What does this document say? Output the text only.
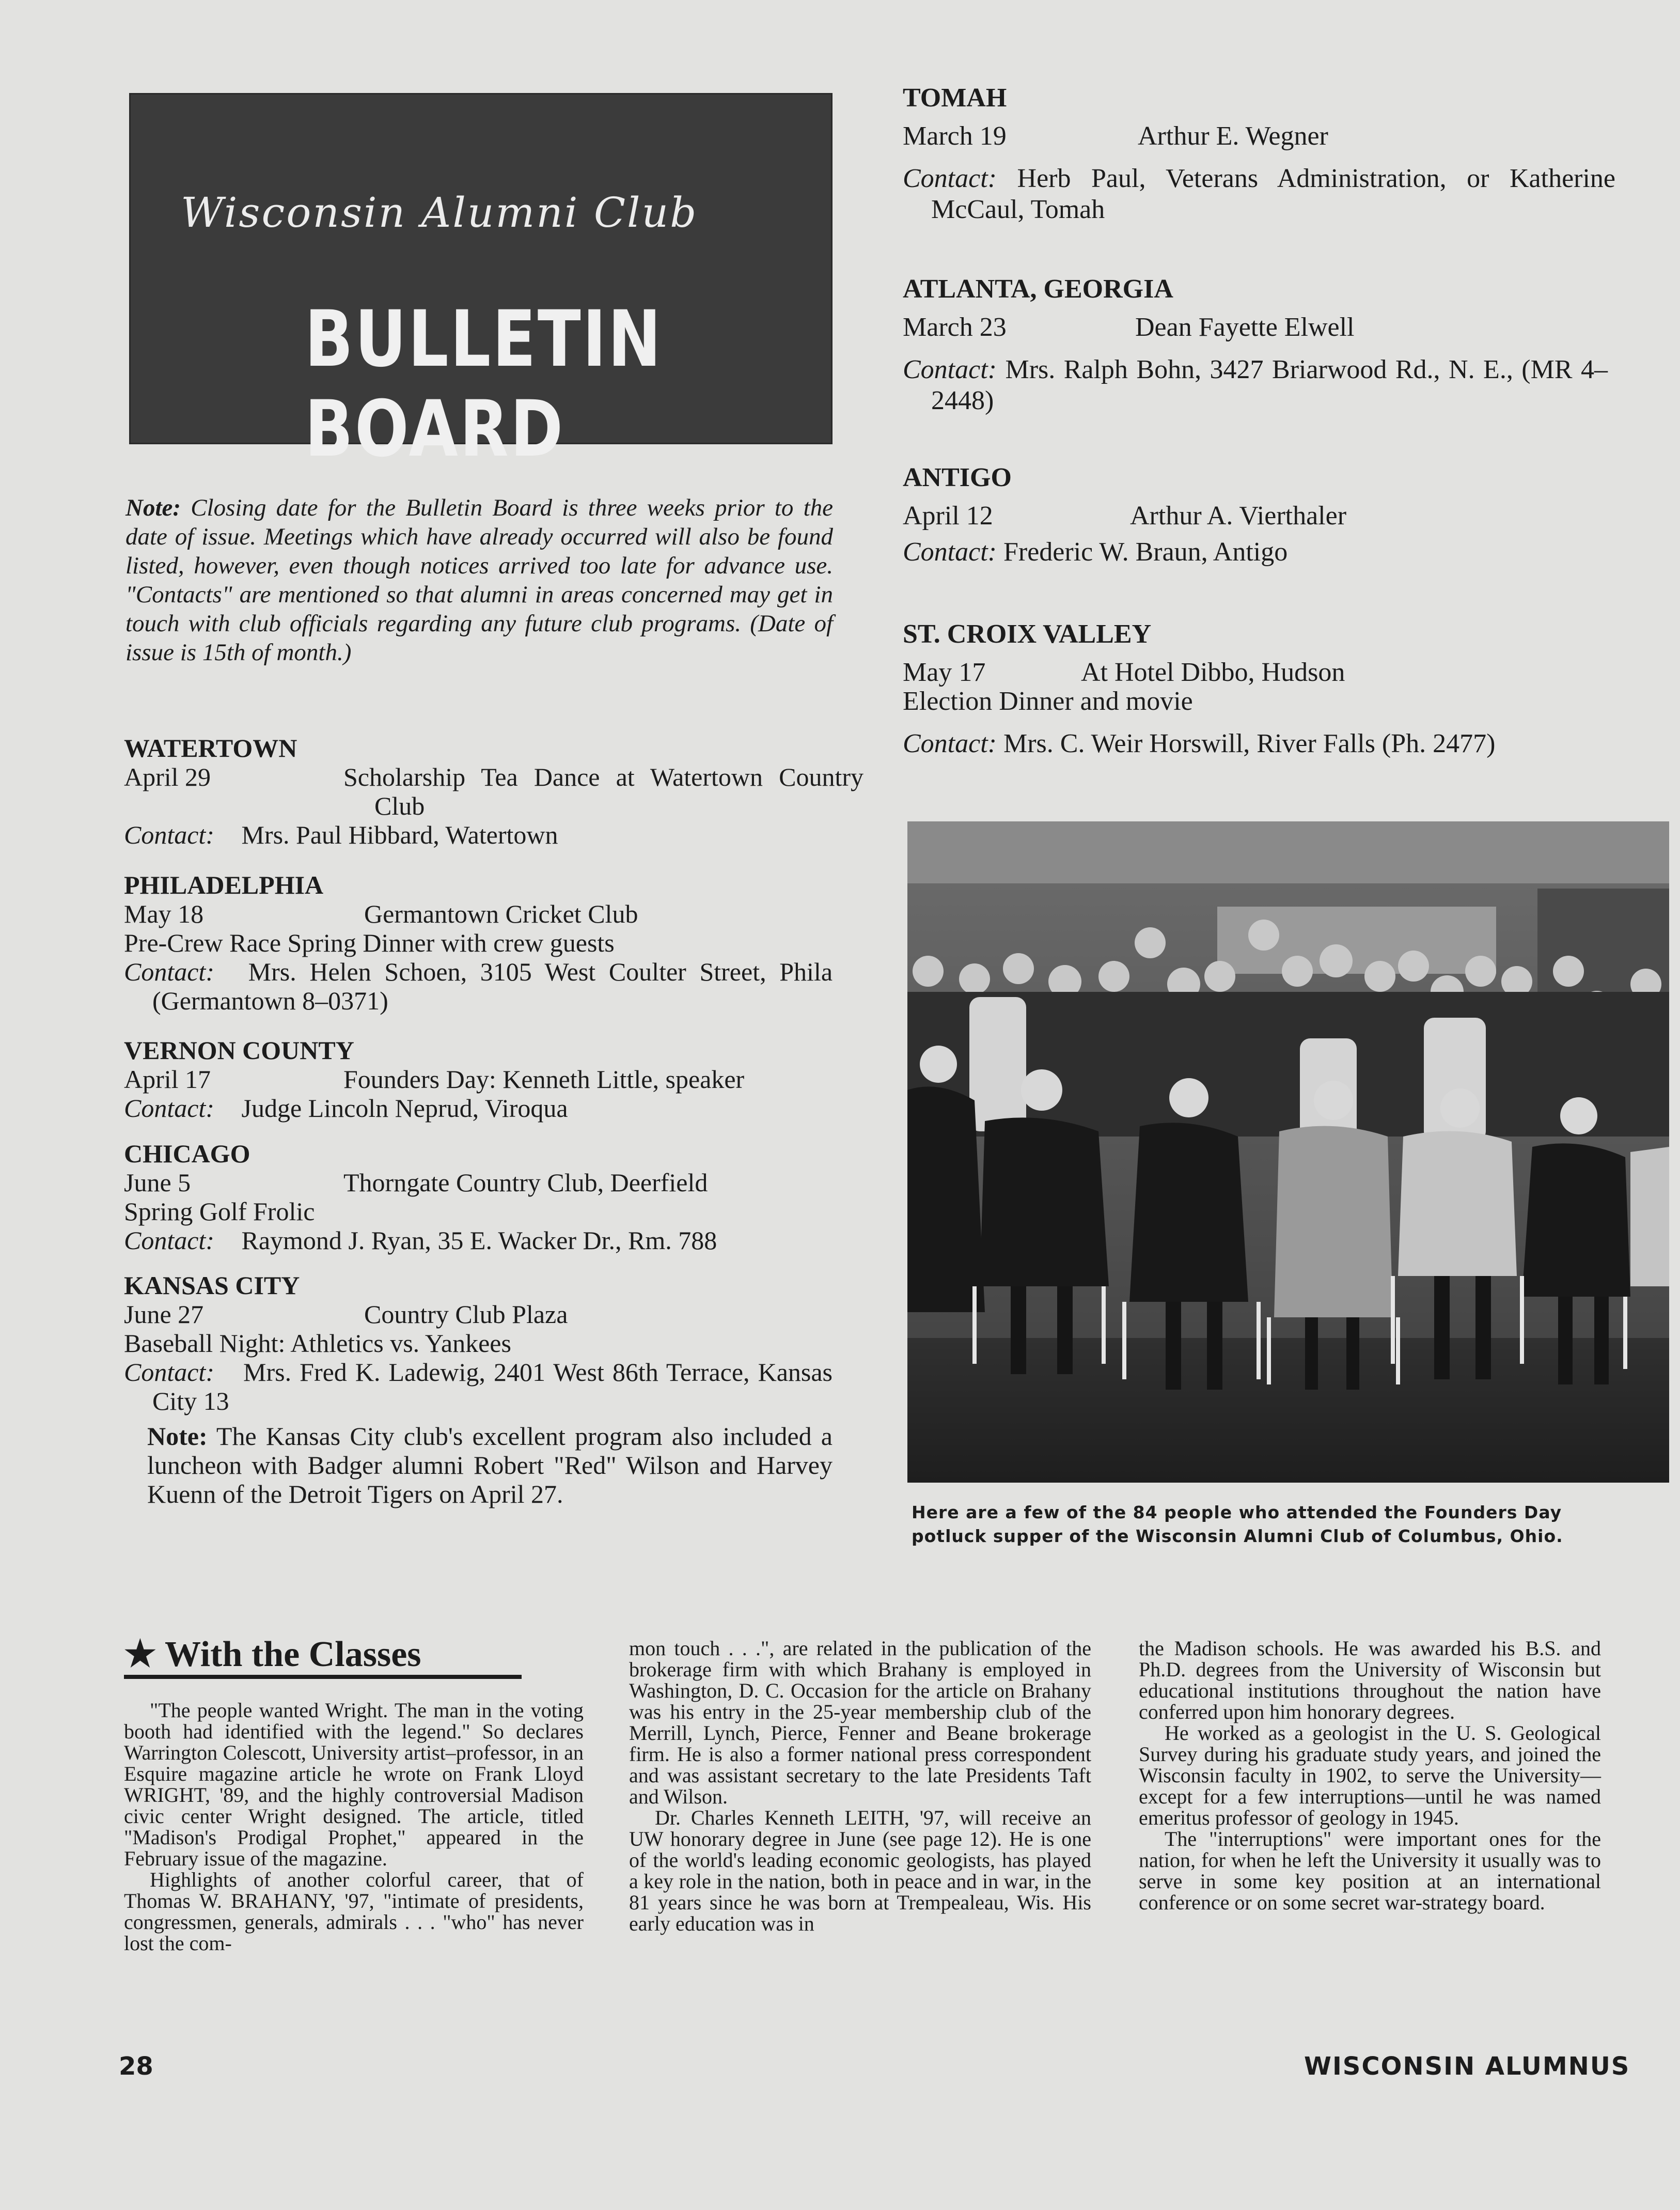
Wisconsin Alumni Club
BULLETIN BOARD
Note: Closing date for the Bulletin Board is three weeks prior to the date of issue. Meetings which have already occurred will also be found listed, however, even though notices arrived too late for advance use. "Contacts" are mentioned so that alumni in areas concerned may get in touch with club officials regarding any future club programs. (Date of issue is 15th of month.)
WATERTOWN
April 29	Scholarship Tea Dance at Watertown Country Club
Contact: Mrs. Paul Hibbard, Watertown
PHILADELPHIA
May 18	Germantown Cricket Club
Pre-Crew Race Spring Dinner with crew guests
Contact: Mrs. Helen Schoen, 3105 West Coulter Street, Phila (Germantown 8–0371)
VERNON COUNTY
April 17	Founders Day: Kenneth Little, speaker
Contact: Judge Lincoln Neprud, Viroqua
CHICAGO
June 5	Thorngate Country Club, Deerfield
Spring Golf Frolic
Contact: Raymond J. Ryan, 35 E. Wacker Dr., Rm. 788
KANSAS CITY
June 27	Country Club Plaza
Baseball Night: Athletics vs. Yankees
Contact: Mrs. Fred K. Ladewig, 2401 West 86th Terrace, Kansas City 13
Note: The Kansas City club's excellent program also included a luncheon with Badger alumni Robert "Red" Wilson and Harvey Kuenn of the Detroit Tigers on April 27.
TOMAH
March 19	Arthur E. Wegner
Contact: Herb Paul, Veterans Administration, or Katherine McCaul, Tomah
ATLANTA, GEORGIA
March 23	Dean Fayette Elwell
Contact: Mrs. Ralph Bohn, 3427 Briarwood Rd., N. E., (MR 4–2448)
ANTIGO
April 12	Arthur A. Vierthaler
Contact: Frederic W. Braun, Antigo
ST. CROIX VALLEY
May 17	At Hotel Dibbo, Hudson
Election Dinner and movie
Contact: Mrs. C. Weir Horswill, River Falls (Ph. 2477)
Here are a few of the 84 people who attended the Founders Day potluck supper of the Wisconsin Alumni Club of Columbus, Ohio.
★ With the Classes

"The people wanted Wright. The man in the voting booth had identified with the legend." So declares Warrington Colescott, University artist–professor, in an Esquire magazine article he wrote on Frank Lloyd WRIGHT, '89, and the highly controversial Madison civic center Wright designed. The article, titled "Madison's Prodigal Prophet," appeared in the February issue of the magazine.

Highlights of another colorful career, that of Thomas W. BRAHANY, '97, "intimate of presidents, congressmen, generals, admirals . . . "who" has never lost the com-

mon touch . . .", are related in the publication of the brokerage firm with which Brahany is employed in Washington, D. C. Occasion for the article on Brahany was his entry in the 25-year membership club of the Merrill, Lynch, Pierce, Fenner and Beane brokerage firm. He is also a former national press correspondent and was assistant secretary to the late Presidents Taft and Wilson.

Dr. Charles Kenneth LEITH, '97, will receive an UW honorary degree in June (see page 12). He is one of the world's leading economic geologists, has played a key role in the nation, both in peace and in war, in the 81 years since he was born at Trempealeau, Wis. His early education was in

the Madison schools. He was awarded his B.S. and Ph.D. degrees from the University of Wisconsin but educational institutions throughout the nation have conferred upon him honorary degrees.

He worked as a geologist in the U. S. Geological Survey during his graduate study years, and joined the Wisconsin faculty in 1902, to serve the University—except for a few interruptions—until he was named emeritus professor of geology in 1945.

The "interruptions" were important ones for the nation, for when he left the University it usually was to serve in some key position at an international conference or on some secret war-strategy board.

28	WISCONSIN ALUMNUS
